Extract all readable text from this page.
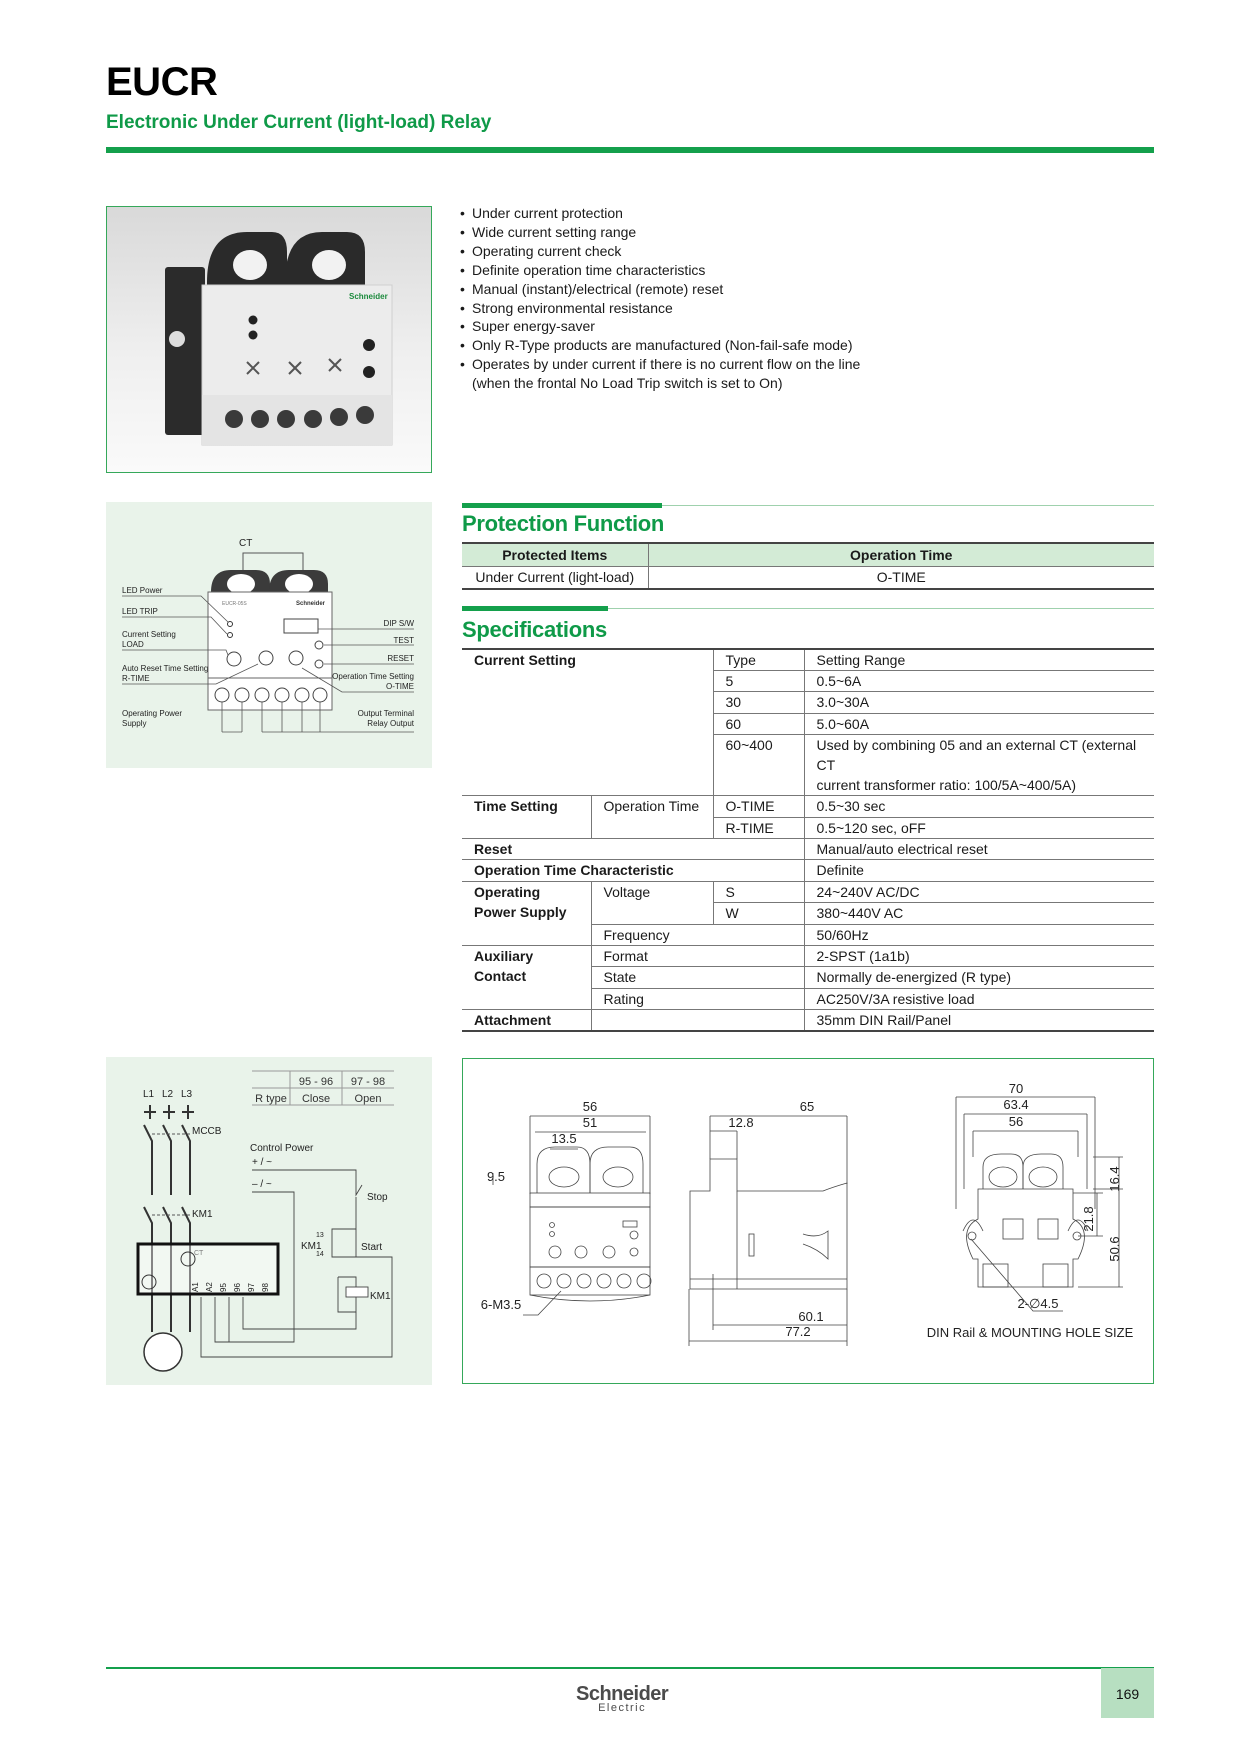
EUCR
Electronic Under Current (light-load) Relay
Schneider
• Under current protection
• Wide current setting range
• Operating current check
• Definite operation time characteristics
• Manual (instant)/electrical (remote) reset
• Strong environmental resistance
• Super energy-saver
• Only R-Type products are manufactured (Non-fail-safe mode)
• Operates by under current if there is no current flow on the line
(when the frontal No Load Trip switch is set to On)
CT
LED Power
LED TRIP
Current Setting
LOAD
Auto Reset Time Setting
R-TIME
Operating Power
Supply
DIP S/W
TEST
RESET
Operation Time Setting
O-TIME
Output Terminal
Relay Output
EUCR-05S	Schneider
Protection Function
Protected Items	Operation Time
Under Current (light-load)	O-TIME
Specifications
Current Setting		Type	Setting Range
		5	0.5~6A
		30	3.0~30A
		60	5.0~60A
		60~400	Used by combining 05 and an external CT (external CT
current transformer ratio: 100/5A~400/5A)

Time Setting	Operation Time	O-TIME	0.5~30 sec
		R-TIME	0.5~120 sec, oFF
Reset			Manual/auto electrical reset
Operation Time Characteristic			Definite

Operating
Power Supply	Voltage	S	24~240V AC/DC
		W	380~440V AC
	Frequency		50/60Hz

Auxiliary
Contact	Format		2-SPST (1a1b)
	State		Normally de-energized (R type)
	Rating		AC250V/3A resistive load
Attachment			35mm DIN Rail/Panel
95 - 96 97 - 98
R type Close Open
L1 L2 L3
MCCB
KM1
CT
Control Power
+ / ~
– / ~
Stop
Start
KM1
KM1
13
14
A1 A2 95 96 97 98
56
51
13.5
9.5
6-M3.5
65
12.8
60.1
77.2
70
63.4
56
16.4
21.8
50.6
2-∅4.5
DIN Rail & MOUNTING HOLE SIZE
Schneider
Electric
169
